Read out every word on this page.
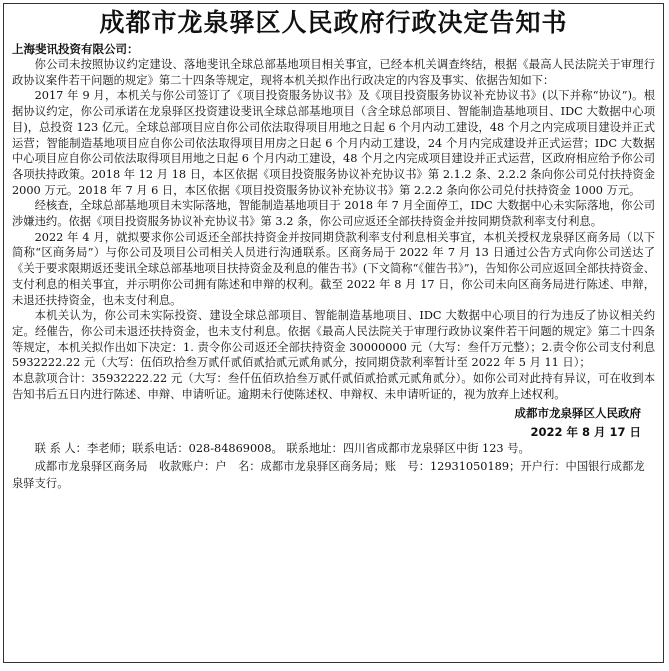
成都市龙泉驿区人民政府行政决定告知书
上海斐讯投资有限公司：

你公司未按照协议约定建设、落地斐讯全球总部基地项目相关事宜，已经本机关调查终结，根据《最高人民法院关于审理行政协议案件若干问题的规定》第二十四条等规定，现将本机关拟作出行政决定的内容及事实、依据告知如下：

2017 年 9 月，本机关与你公司签订了《项目投资服务协议书》及《项目投资服务协议补充协议书》(以下并称“协议”)。根据协议约定，你公司承诺在龙泉驿区投资建设斐讯全球总部基地项目（含全球总部项目、智能制造基地项目、IDC 大数据中心项目)，总投资 123 亿元。全球总部项目应自你公司依法取得项目用地之日起 6 个月内动工建设，48 个月之内完成项目建设并正式运营；智能制造基地项目应自你公司依法取得项目用房之日起 6 个月内动工建设，24 个月内完成建设并正式运营；IDC 大数据中心项目应自你公司依法取得项目用地之日起 6 个月内动工建设，48 个月之内完成项目建设并正式运营，区政府相应给予你公司各项扶持政策。2018 年 12 月 18 日，本区依据《项目投资服务协议补充协议书》第 2.1.2 条、2.2.2 条向你公司兑付扶持资金 2000 万元。2018 年 7 月 6 日，本区依据《项目投资服务协议补充协议书》第 2.2.2 条向你公司兑付扶持资金 1000 万元。

经核查，全球总部基地项目未实际落地，智能制造基地项目于 2018 年 7 月全面停工，IDC 大数据中心未实际落地，你公司涉嫌违约。依据《项目投资服务协议补充协议书》第 3.2 条，你公司应返还全部扶持资金并按同期贷款利率支付利息。

2022 年 4 月，就拟要求你公司返还全部扶持资金并按同期贷款利率支付利息相关事宜，本机关授权龙泉驿区商务局（以下简称“区商务局”）与你公司及项目公司相关人员进行沟通联系。区商务局于 2022 年 7 月 13 日通过公告方式向你公司送达了《关于要求限期返还斐讯全球总部基地项目扶持资金及利息的催告书》(下文简称“《催告书》”)，告知你公司应返回全部扶持资金、支付利息的相关事宜，并示明你公司拥有陈述和申辩的权利。截至 2022 年 8 月 17 日，你公司未向区商务局进行陈述、申辩，未退还扶持资金，也未支付利息。

本机关认为，你公司未实际投资、建设全球总部项目、智能制造基地项目、IDC 大数据中心项目的行为违反了协议相关约定。经催告，你公司未退还扶持资金，也未支付利息。依据《最高人民法院关于审理行政协议案件若干问题的规定》第二十四条等规定，本机关拟作出如下决定：1. 责令你公司返还全部扶持资金 30000000 元（大写：叁仟万元整）；2.责令你公司支付利息 5932222.22 元（大写：伍佰玖拾叁万贰仟贰佰贰拾贰元贰角贰分，按同期贷款利率暂计至 2022 年 5 月 11 日）；

本息款项合计：35932222.22 元（大写：叁仟伍佰玖拾叁万贰仟贰佰贰拾贰元贰角贰分）。如你公司对此持有异议，可在收到本告知书后五日内进行陈述、申辩、申请听证。逾期未行使陈述权、申辩权、未申请听证的，视为放弃上述权利。

成都市龙泉驿区人民政府
2022 年 8 月 17 日

联 系 人：李老师；联系电话：028-84869008。 联系地址：四川省成都市龙泉驿区中街 123 号。

成都市龙泉驿区商务局　收款账户：户　名：成都市龙泉驿区商务局；账　号：12931050189；开户行：中国银行成都龙泉驿支行。
